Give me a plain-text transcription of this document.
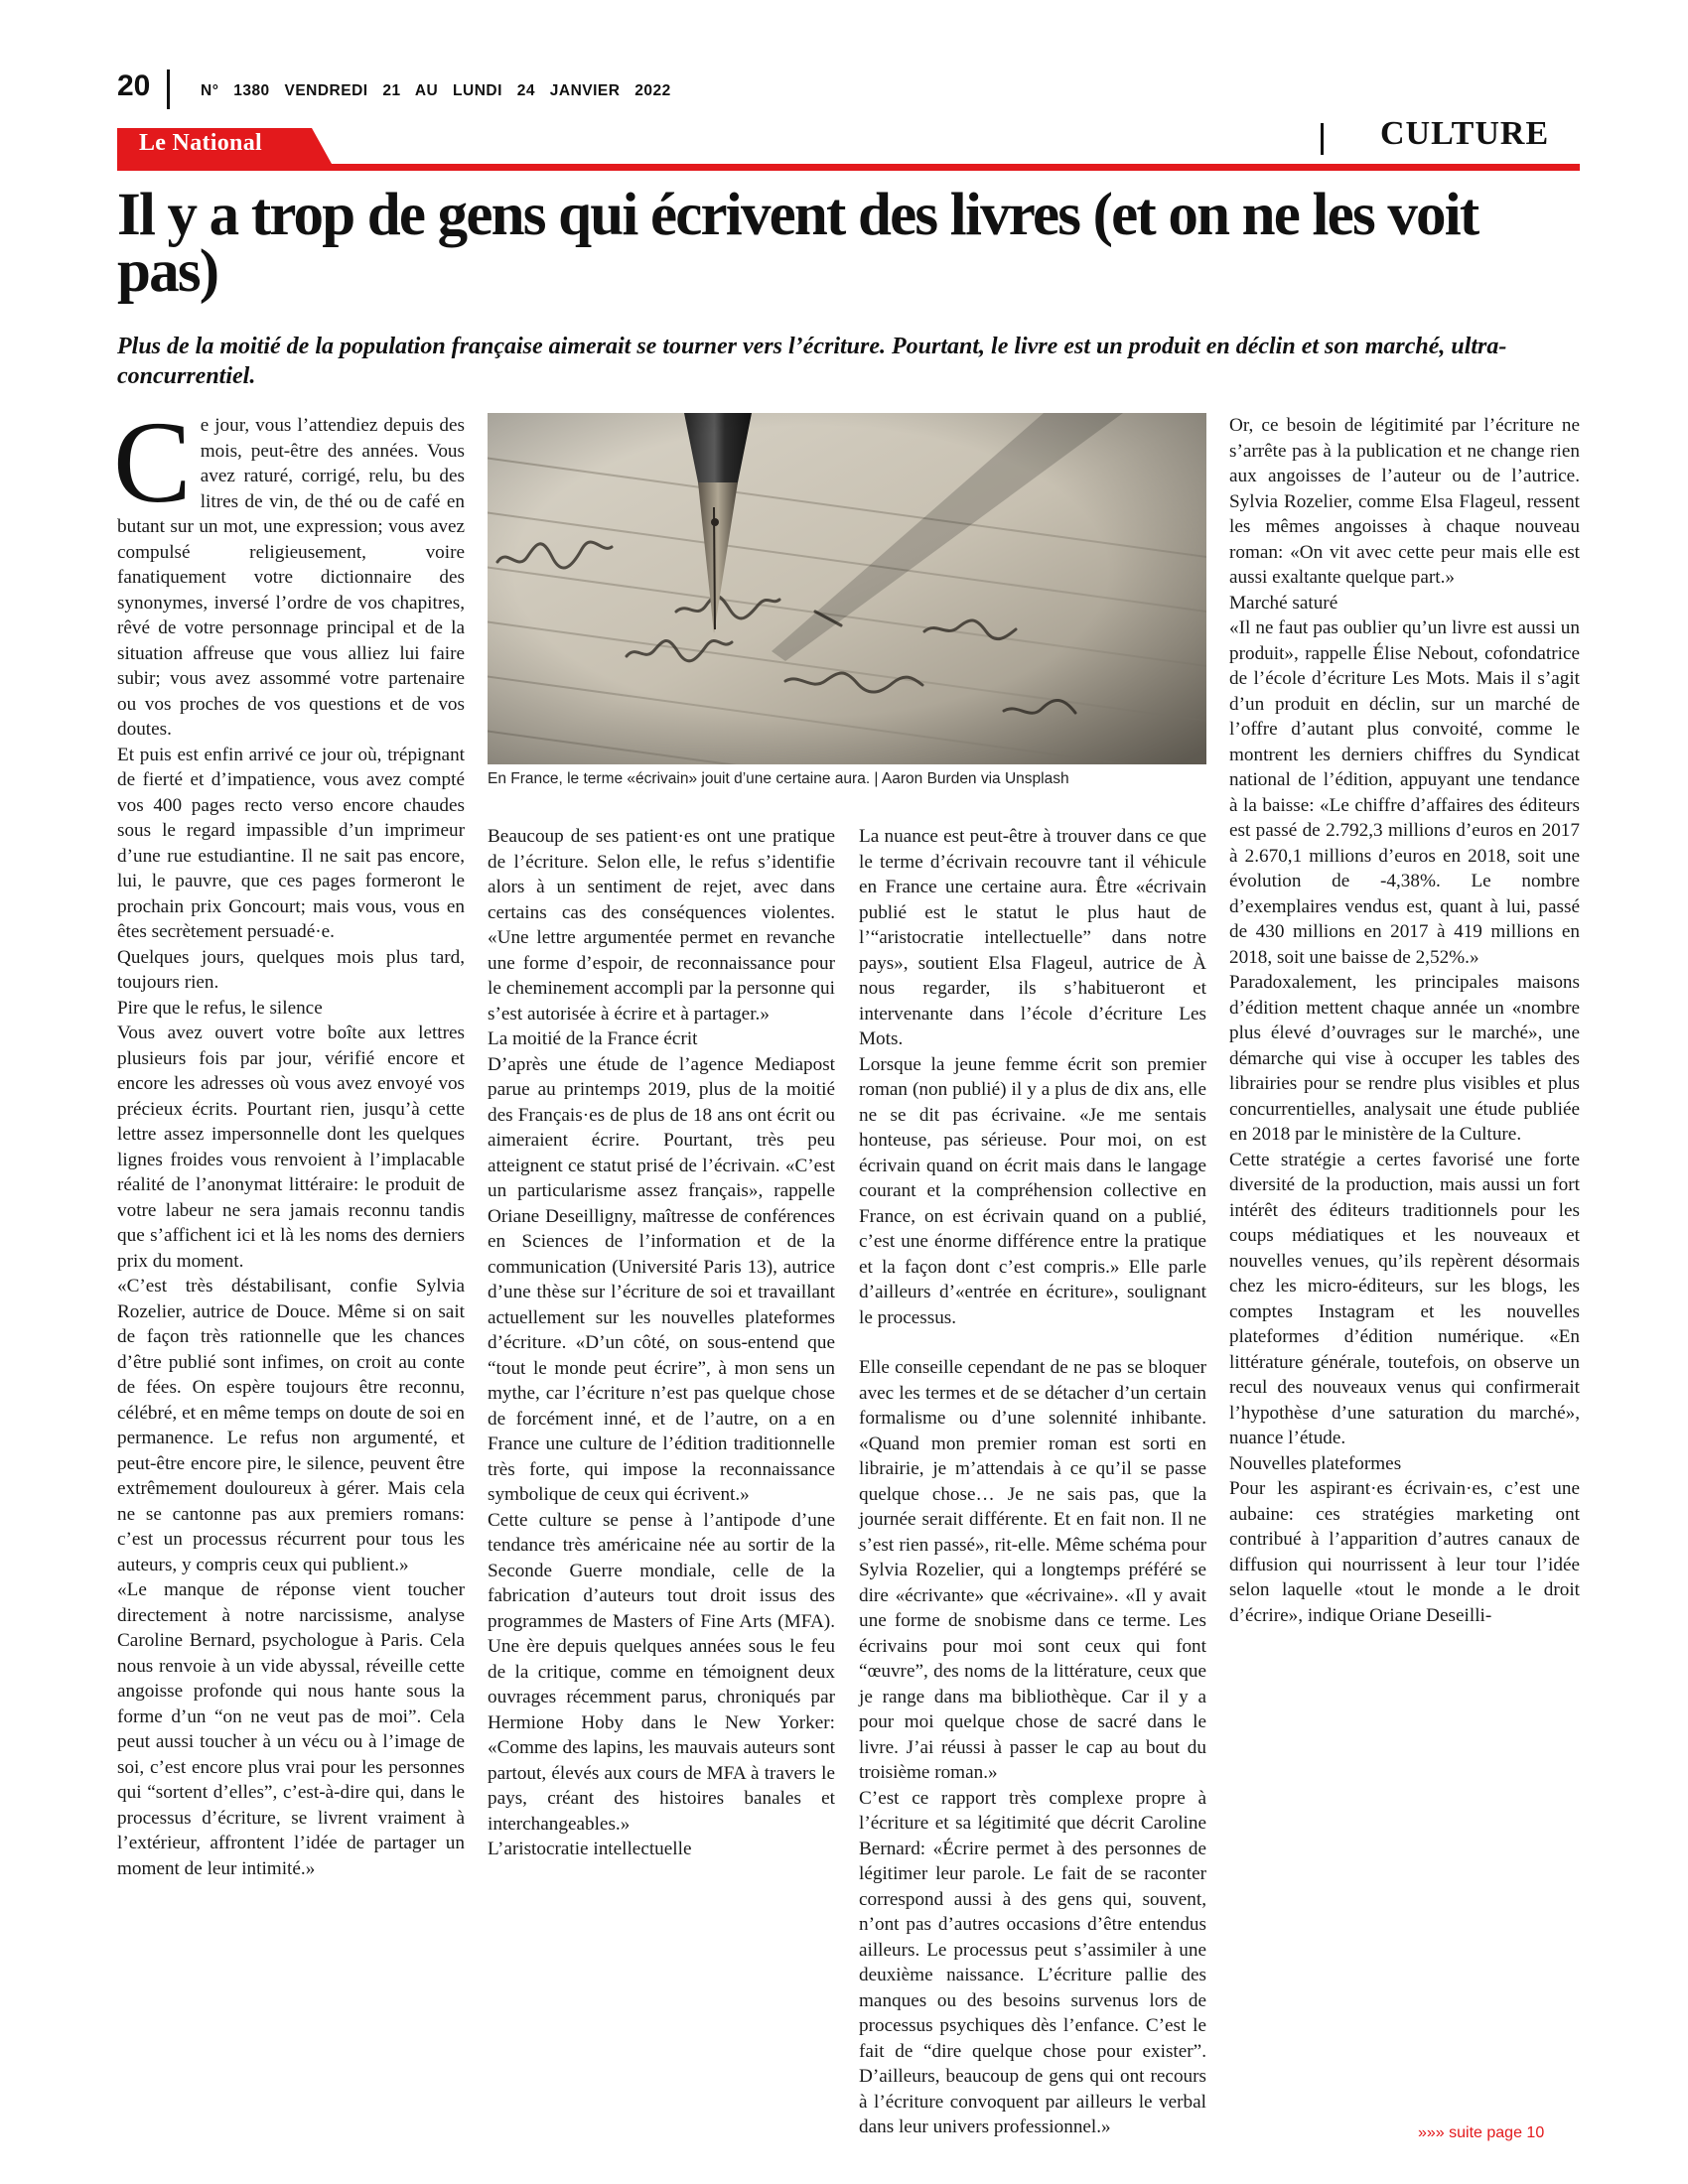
20	N° 1380 VENDREDI 21 AU LUNDI 24 JANVIER 2022
Le National	CULTURE
Il y a trop de gens qui écrivent des livres (et on ne les voit pas)

Plus de la moitié de la population française aimerait se tourner vers l’écriture. Pourtant, le livre est un produit en déclin et son marché, ultra-concurrentiel.

Ce jour, vous l’attendiez depuis des mois, peut-être des années. Vous avez raturé, corrigé, relu, bu des litres de vin, de thé ou de café en butant sur un mot, une expression; vous avez compulsé religieusement, voire fanatiquement votre dictionnaire des synonymes, inversé l’ordre de vos chapitres, rêvé de votre personnage principal et de la situation affreuse que vous alliez lui faire subir; vous avez assommé votre partenaire ou vos proches de vos questions et de vos doutes.

Et puis est enfin arrivé ce jour où, trépignant de fierté et d’impatience, vous avez compté vos 400 pages recto verso encore chaudes sous le regard impassible d’un imprimeur d’une rue estudiantine. Il ne sait pas encore, lui, le pauvre, que ces pages formeront le prochain prix Goncourt; mais vous, vous en êtes secrètement persuadé·e.

Quelques jours, quelques mois plus tard, toujours rien.

Pire que le refus, le silence

Vous avez ouvert votre boîte aux lettres plusieurs fois par jour, vérifié encore et encore les adresses où vous avez envoyé vos précieux écrits. Pourtant rien, jusqu’à cette lettre assez impersonnelle dont les quelques lignes froides vous renvoient à l’implacable réalité de l’anonymat littéraire: le produit de votre labeur ne sera jamais reconnu tandis que s’affichent ici et là les noms des derniers prix du moment.

«C’est très déstabilisant, confie Sylvia Rozelier, autrice de Douce. Même si on sait de façon très rationnelle que les chances d’être publié sont infimes, on croit au conte de fées. On espère toujours être reconnu, célébré, et en même temps on doute de soi en permanence. Le refus non argumenté, et peut-être encore pire, le silence, peuvent être extrêmement douloureux à gérer. Mais cela ne se cantonne pas aux premiers romans: c’est un processus récurrent pour tous les auteurs, y compris ceux qui publient.»

«Le manque de réponse vient toucher directement à notre narcissisme, analyse Caroline Bernard, psychologue à Paris. Cela nous renvoie à un vide abyssal, réveille cette angoisse profonde qui nous hante sous la forme d’un “on ne veut pas de moi”. Cela peut aussi toucher à un vécu ou à l’image de soi, c’est encore plus vrai pour les personnes qui “sortent d’elles”, c’est-à-dire qui, dans le processus d’écriture, se livrent vraiment à l’extérieur, affrontent l’idée de partager un moment de leur intimité.»

En France, le terme «écrivain» jouit d’une certaine aura. | Aaron Burden via Unsplash

Beaucoup de ses patient·es ont une pratique de l’écriture. Selon elle, le refus s’identifie alors à un sentiment de rejet, avec dans certains cas des conséquences violentes. «Une lettre argumentée permet en revanche une forme d’espoir, de reconnaissance pour le cheminement accompli par la personne qui s’est autorisée à écrire et à partager.»

La moitié de la France écrit

D’après une étude de l’agence Mediapost parue au printemps 2019, plus de la moitié des Français·es de plus de 18 ans ont écrit ou aimeraient écrire. Pourtant, très peu atteignent ce statut prisé de l’écrivain. «C’est un particularisme assez français», rappelle Oriane Deseilligny, maîtresse de conférences en Sciences de l’information et de la communication (Université Paris 13), autrice d’une thèse sur l’écriture de soi et travaillant actuellement sur les nouvelles plateformes d’écriture. «D’un côté, on sous-entend que “tout le monde peut écrire”, à mon sens un mythe, car l’écriture n’est pas quelque chose de forcément inné, et de l’autre, on a en France une culture de l’édition traditionnelle très forte, qui impose la reconnaissance symbolique de ceux qui écrivent.»

Cette culture se pense à l’antipode d’une tendance très américaine née au sortir de la Seconde Guerre mondiale, celle de la fabrication d’auteurs tout droit issus des programmes de Masters of Fine Arts (MFA). Une ère depuis quelques années sous le feu de la critique, comme en témoignent deux ouvrages récemment parus, chroniqués par Hermione Hoby dans le New Yorker: «Comme des lapins, les mauvais auteurs sont partout, élevés aux cours de MFA à travers le pays, créant des histoires banales et interchangeables.»

L’aristocratie intellectuelle

La nuance est peut-être à trouver dans ce que le terme d’écrivain recouvre tant il véhicule en France une certaine aura. Être «écrivain publié est le statut le plus haut de l’“aristocratie intellectuelle” dans notre pays», soutient Elsa Flageul, autrice de À nous regarder, ils s’habitueront et intervenante dans l’école d’écriture Les Mots.

Lorsque la jeune femme écrit son premier roman (non publié) il y a plus de dix ans, elle ne se dit pas écrivaine. «Je me sentais honteuse, pas sérieuse. Pour moi, on est écrivain quand on écrit mais dans le langage courant et la compréhension collective en France, on est écrivain quand on a publié, c’est une énorme différence entre la pratique et la façon dont c’est compris.» Elle parle d’ailleurs d’«entrée en écriture», soulignant le processus.

Elle conseille cependant de ne pas se bloquer avec les termes et de se détacher d’un certain formalisme ou d’une solennité inhibante. «Quand mon premier roman est sorti en librairie, je m’attendais à ce qu’il se passe quelque chose… Je ne sais pas, que la journée serait différente. Et en fait non. Il ne s’est rien passé», rit-elle. Même schéma pour Sylvia Rozelier, qui a longtemps préféré se dire «écrivante» que «écrivaine». «Il y avait une forme de snobisme dans ce terme. Les écrivains pour moi sont ceux qui font “œuvre”, des noms de la littérature, ceux que je range dans ma bibliothèque. Car il y a pour moi quelque chose de sacré dans le livre. J’ai réussi à passer le cap au bout du troisième roman.»

C’est ce rapport très complexe propre à l’écriture et sa légitimité que décrit Caroline Bernard: «Écrire permet à des personnes de légitimer leur parole. Le fait de se raconter correspond aussi à des gens qui, souvent, n’ont pas d’autres occasions d’être entendus ailleurs. Le processus peut s’assimiler à une deuxième naissance. L’écriture pallie des manques ou des besoins survenus lors de processus psychiques dès l’enfance. C’est le fait de “dire quelque chose pour exister”. D’ailleurs, beaucoup de gens qui ont recours à l’écriture convoquent par ailleurs le verbal dans leur univers professionnel.»

Or, ce besoin de légitimité par l’écriture ne s’arrête pas à la publication et ne change rien aux angoisses de l’auteur ou de l’autrice. Sylvia Rozelier, comme Elsa Flageul, ressent les mêmes angoisses à chaque nouveau roman: «On vit avec cette peur mais elle est aussi exaltante quelque part.»

Marché saturé

«Il ne faut pas oublier qu’un livre est aussi un produit», rappelle Élise Nebout, cofondatrice de l’école d’écriture Les Mots. Mais il s’agit d’un produit en déclin, sur un marché de l’offre d’autant plus convoité, comme le montrent les derniers chiffres du Syndicat national de l’édition, appuyant une tendance à la baisse: «Le chiffre d’affaires des éditeurs est passé de 2.792,3 millions d’euros en 2017 à 2.670,1 millions d’euros en 2018, soit une évolution de -4,38%. Le nombre d’exemplaires vendus est, quant à lui, passé de 430 millions en 2017 à 419 millions en 2018, soit une baisse de 2,52%.»

Paradoxalement, les principales maisons d’édition mettent chaque année un «nombre plus élevé d’ouvrages sur le marché», une démarche qui vise à occuper les tables des librairies pour se rendre plus visibles et plus concurrentielles, analysait une étude publiée en 2018 par le ministère de la Culture.

Cette stratégie a certes favorisé une forte diversité de la production, mais aussi un fort intérêt des éditeurs traditionnels pour les coups médiatiques et les nouveaux et nouvelles venues, qu’ils repèrent désormais chez les micro-éditeurs, sur les blogs, les comptes Instagram et les nouvelles plateformes d’édition numérique. «En littérature générale, toutefois, on observe un recul des nouveaux venus qui confirmerait l’hypothèse d’une saturation du marché», nuance l’étude.

Nouvelles plateformes

Pour les aspirant·es écrivain·es, c’est une aubaine: ces stratégies marketing ont contribué à l’apparition d’autres canaux de diffusion qui nourrissent à leur tour l’idée selon laquelle «tout le monde a le droit d’écrire», indique Oriane Deseilli-

»»» suite page 10
